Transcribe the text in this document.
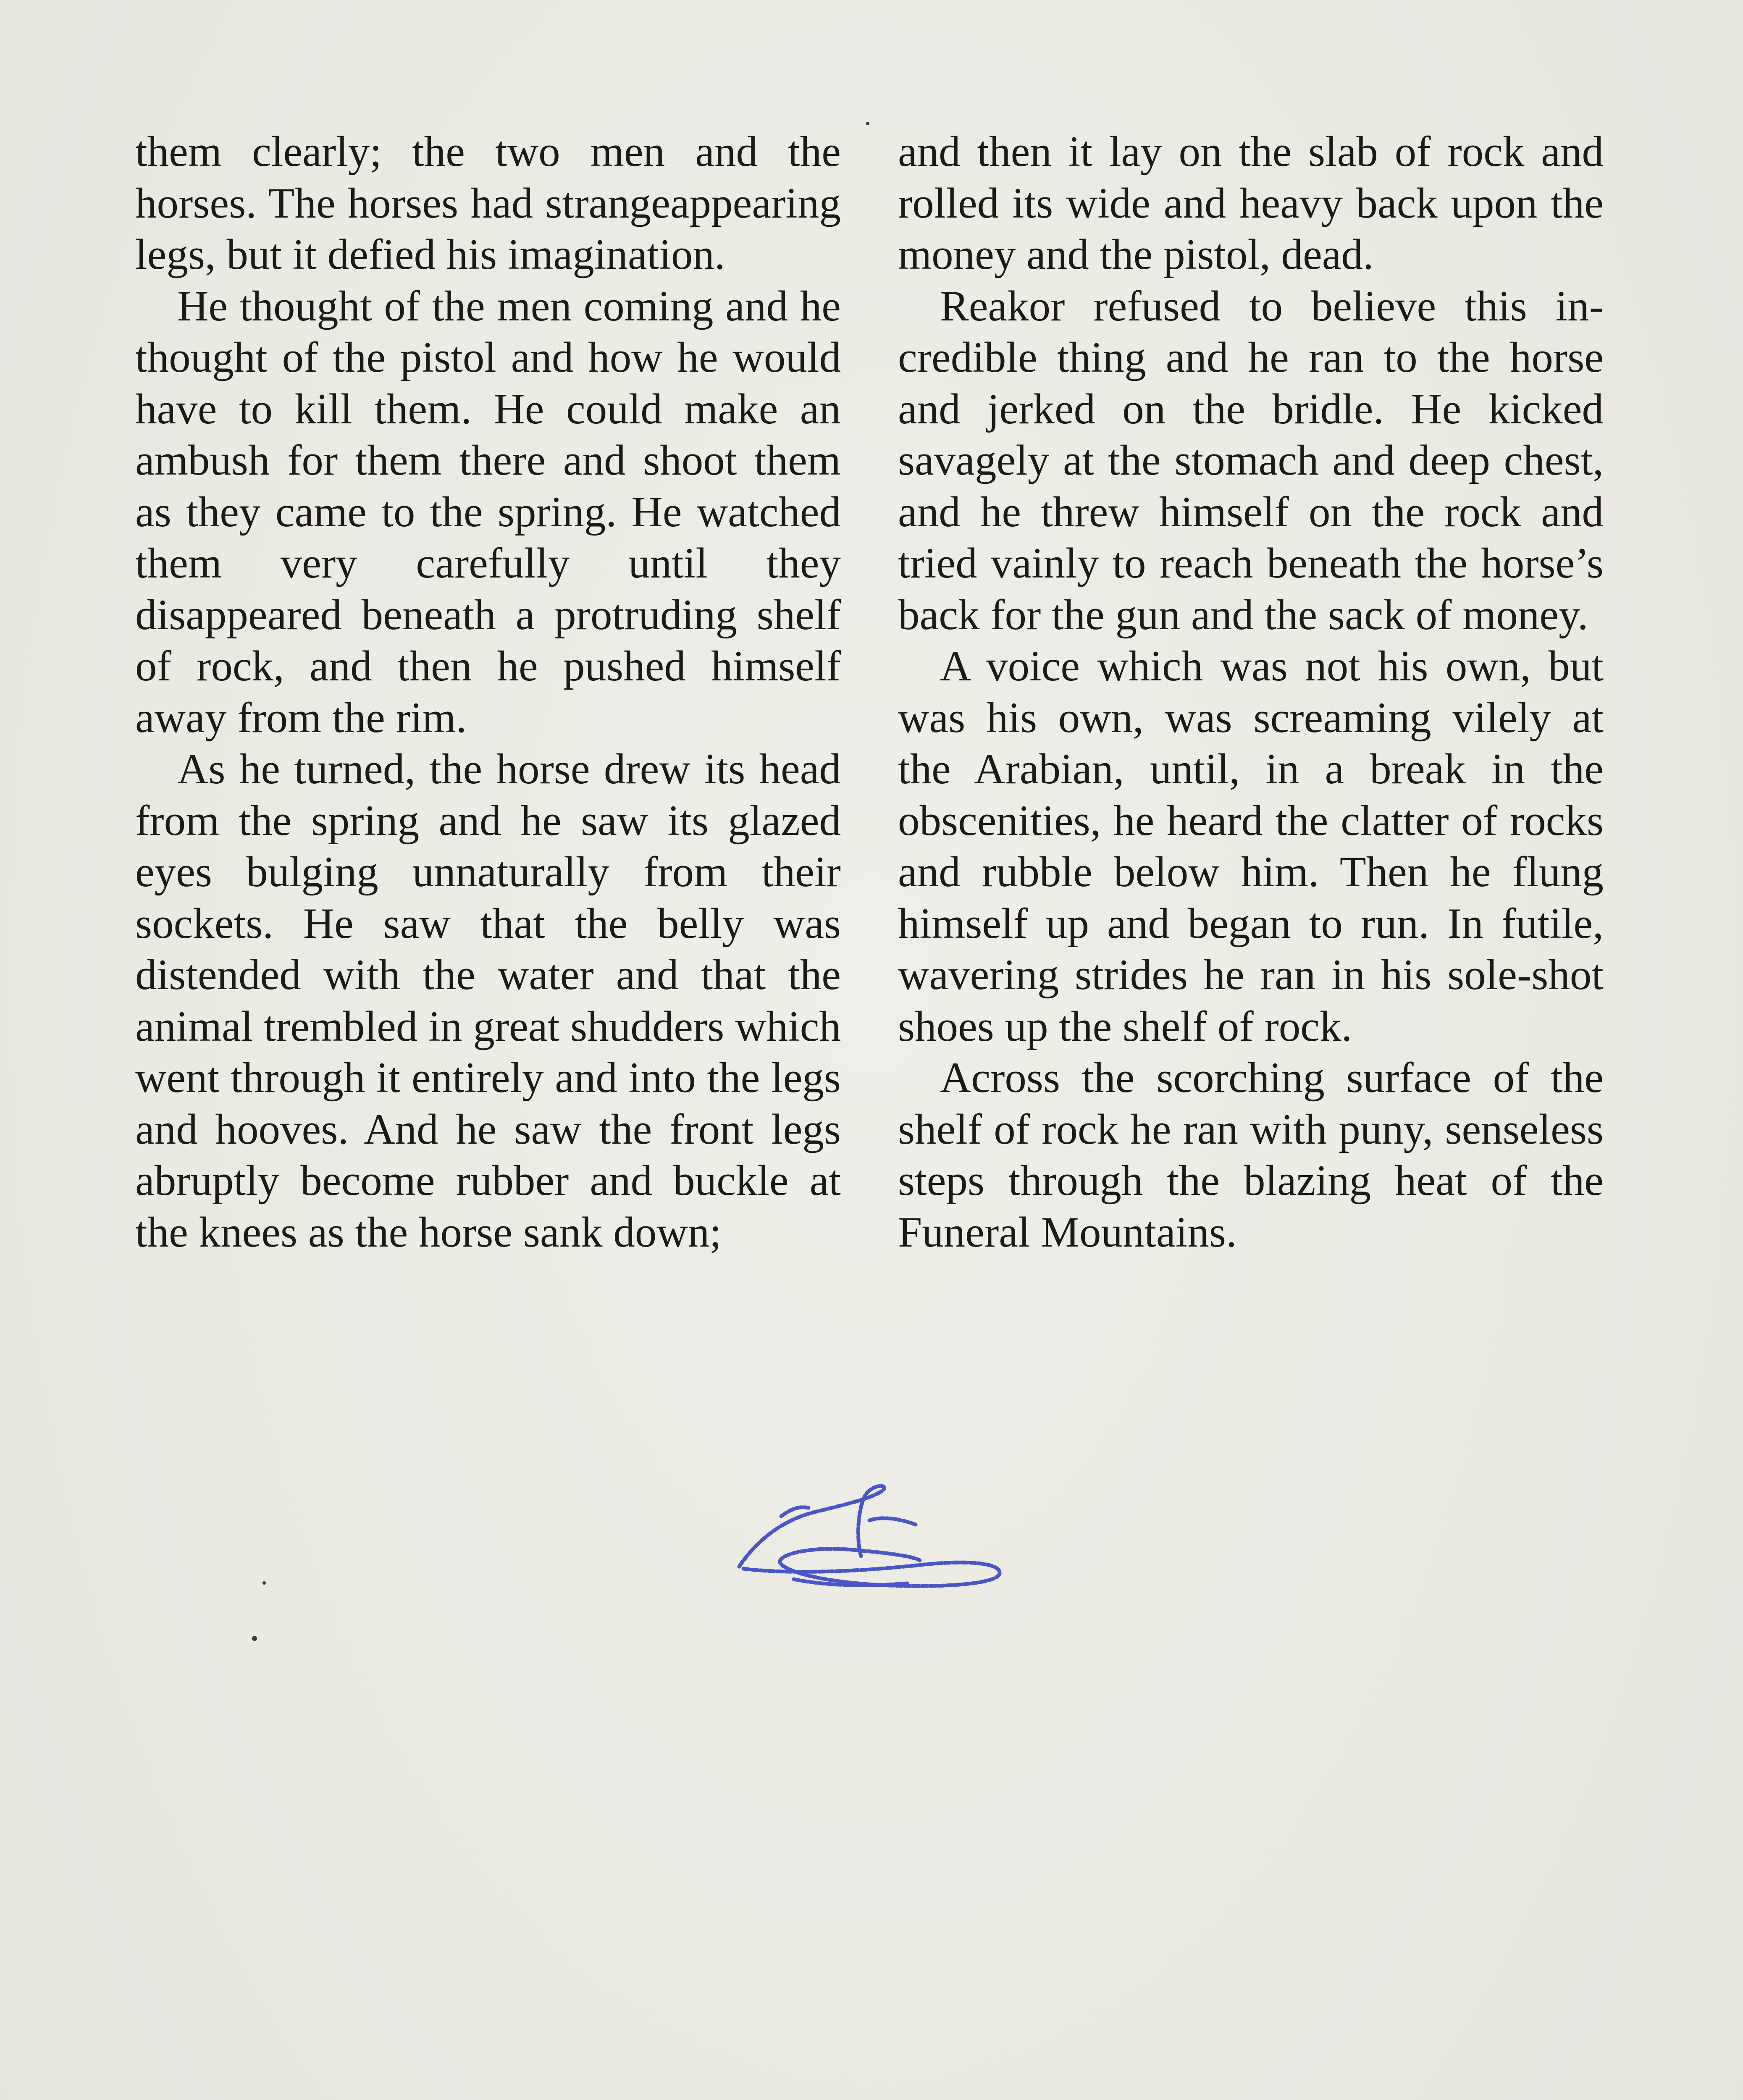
them clearly; the two men and the horses. The horses had strangeappearing legs, but it defied his imagination.

He thought of the men coming and he thought of the pistol and how he would have to kill them. He could make an ambush for them there and shoot them as they came to the spring. He watched them very carefully until they disappeared beneath a protruding shelf of rock, and then he pushed himself away from the rim.

As he turned, the horse drew its head from the spring and he saw its glazed eyes bulging unnaturally from their sockets. He saw that the belly was distended with the water and that the animal trembled in great shudders which went through it entirely and into the legs and hooves. And he saw the front legs abruptly become rubber and buckle at the knees as the horse sank down;

and then it lay on the slab of rock and rolled its wide and heavy back upon the money and the pistol, dead.

Reakor refused to believe this incredible thing and he ran to the horse and jerked on the bridle. He kicked savagely at the stomach and deep chest, and he threw himself on the rock and tried vainly to reach beneath the horse’s back for the gun and the sack of money.

A voice which was not his own, but was his own, was screaming vilely at the Arabian, until, in a break in the obscenities, he heard the clatter of rocks and rubble below him. Then he flung himself up and began to run. In futile, wavering strides he ran in his sole-shot shoes up the shelf of rock.

Across the scorching surface of the shelf of rock he ran with puny, senseless steps through the blazing heat of the Funeral Mountains.
